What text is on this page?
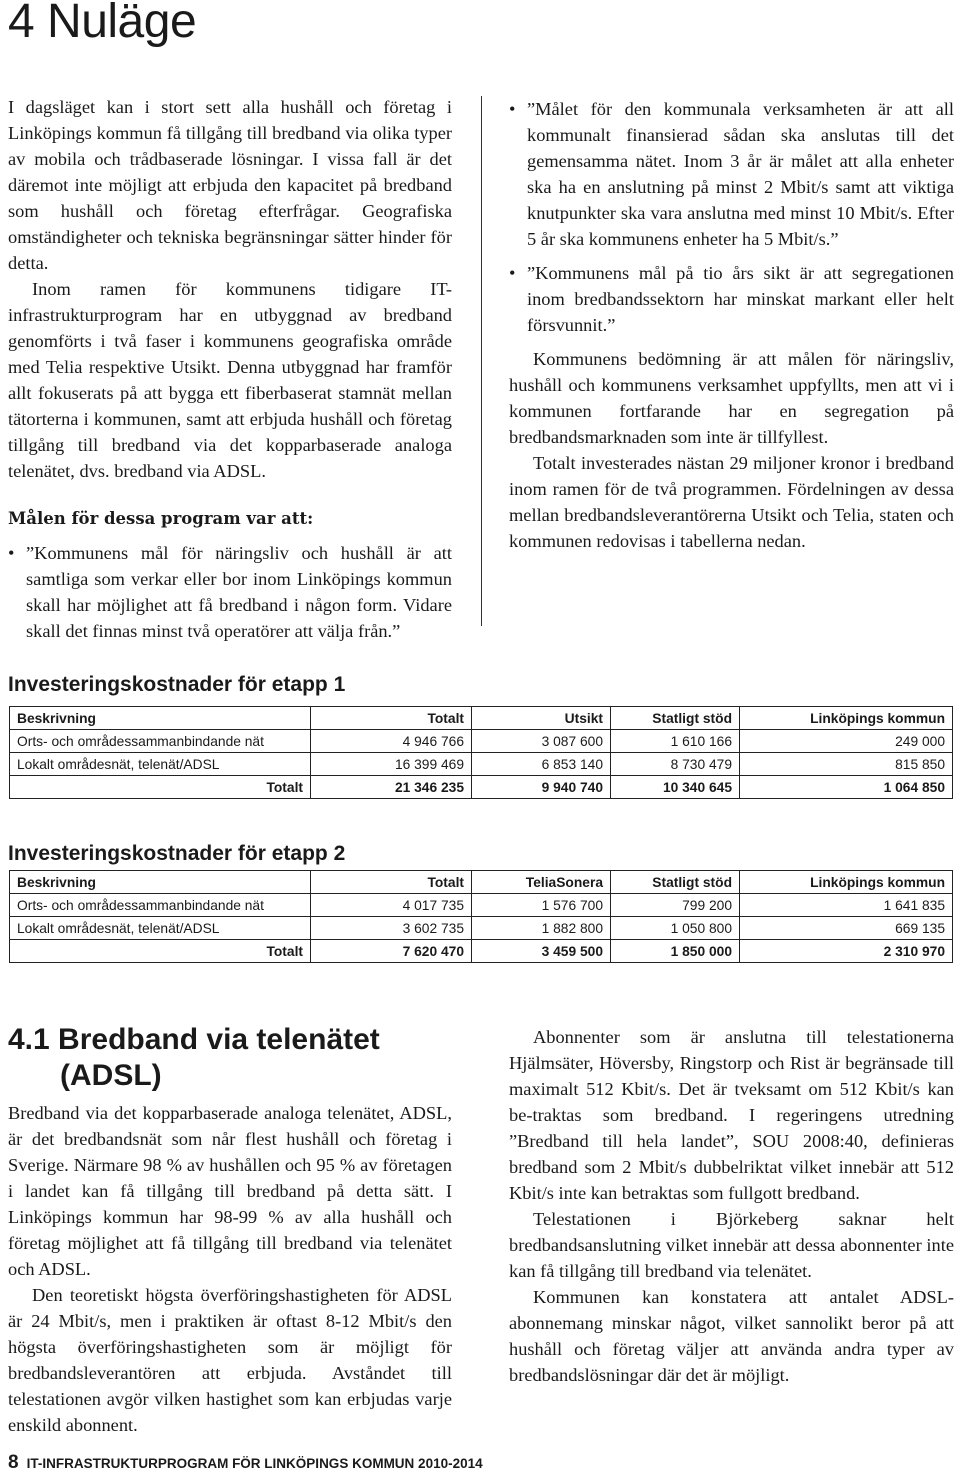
4 Nuläge

I dagsläget kan i stort sett alla hushåll och företag i Linköpings kommun få tillgång till bredband via olika typer av mobila och trådbaserade lösningar. I vissa fall är det däremot inte möjligt att erbjuda den kapacitet på bredband som hushåll och företag efterfrågar. Geografiska omständigheter och tekniska begränsningar sätter hinder för detta.

Inom ramen för kommunens tidigare IT-infrastrukturprogram har en utbyggnad av bredband genomförts i två faser i kommunens geografiska område med Telia respektive Utsikt. Denna utbyggnad har framför allt fokuserats på att bygga ett fiberbaserat stamnät mellan tätorterna i kommunen, samt att erbjuda hushåll och företag tillgång till bredband via det kopparbaserade analoga telenätet, dvs. bredband via ADSL.

Målen för dessa program var att:
• ”Kommunens mål för näringsliv och hushåll är att samtliga som verkar eller bor inom Linköpings kommun skall har möjlighet att få bredband i någon form. Vidare skall det finnas minst två operatörer att välja från.”
• ”Målet för den kommunala verksamheten är att all kommunalt finansierad sådan ska anslutas till det gemensamma nätet. Inom 3 år är målet att alla enheter ska ha en anslutning på minst 2 Mbit/s samt att viktiga knutpunkter ska vara anslutna med minst 10 Mbit/s. Efter 5 år ska kommunens enheter ha 5 Mbit/s.”
• ”Kommunens mål på tio års sikt är att segregationen inom bredbandssektorn har minskat markant eller helt försvunnit.”

Kommunens bedömning är att målen för näringsliv, hushåll och kommunens verksamhet uppfyllts, men att vi i kommunen fortfarande har en segregation på bredbandsmarknaden som inte är tillfyllest.

Totalt investerades nästan 29 miljoner kronor i bredband inom ramen för de två programmen. Fördelningen av dessa mellan bredbandsleverantörerna Utsikt och Telia, staten och kommunen redovisas i tabellerna nedan.

Investeringskostnader för etapp 1
Beskrivning	Totalt	Utsikt	Statligt stöd	Linköpings kommun
Orts- och områdessammanbindande nät	4 946 766	3 087 600	1 610 166	249 000
Lokalt områdesnät, telenät/ADSL	16 399 469	6 853 140	8 730 479	815 850
Totalt	21 346 235	9 940 740	10 340 645	1 064 850
Investeringskostnader för etapp 2
Beskrivning	Totalt	TeliaSonera	Statligt stöd	Linköpings kommun
Orts- och områdessammanbindande nät	4 017 735	1 576 700	799 200	1 641 835
Lokalt områdesnät, telenät/ADSL	3 602 735	1 882 800	1 050 800	669 135
Totalt	7 620 470	3 459 500	1 850 000	2 310 970
4.1 Bredband via telenätet
(ADSL)

Bredband via det kopparbaserade analoga telenätet, ADSL, är det bredbandsnät som når flest hushåll och företag i Sverige. Närmare 98 % av hushållen och 95 % av företagen i landet kan få tillgång till bredband på detta sätt. I Linköpings kommun har 98-99 % av alla hushåll och företag möjlighet att få tillgång till bredband via telenätet och ADSL.

Den teoretiskt högsta överföringshastigheten för ADSL är 24 Mbit/s, men i praktiken är oftast 8-12 Mbit/s den högsta överföringshastigheten som är möjligt för bredbandsleverantören att erbjuda. Avståndet till telestationen avgör vilken hastighet som kan erbjudas varje enskild abonnent.

Abonnenter som är anslutna till telestationerna Hjälmsäter, Höversby, Ringstorp och Rist är begränsade till maximalt 512 Kbit/s. Det är tveksamt om 512 Kbit/s kan be-traktas som bredband. I regeringens utredning ”Bredband till hela landet”, SOU 2008:40, definieras bredband som 2 Mbit/s dubbelriktat vilket innebär att 512 Kbit/s inte kan betraktas som fullgott bredband.

Telestationen i Björkeberg saknar helt bredbandsanslutning vilket innebär att dessa abonnenter inte kan få tillgång till bredband via telenätet.

Kommunen kan konstatera att antalet ADSL-abonnemang minskar något, vilket sannolikt beror på att hushåll och företag väljer att använda andra typer av bredbandslösningar där det är möjligt.

8 IT-INFRASTRUKTURPROGRAM FÖR LINKÖPINGS KOMMUN 2010-2014
